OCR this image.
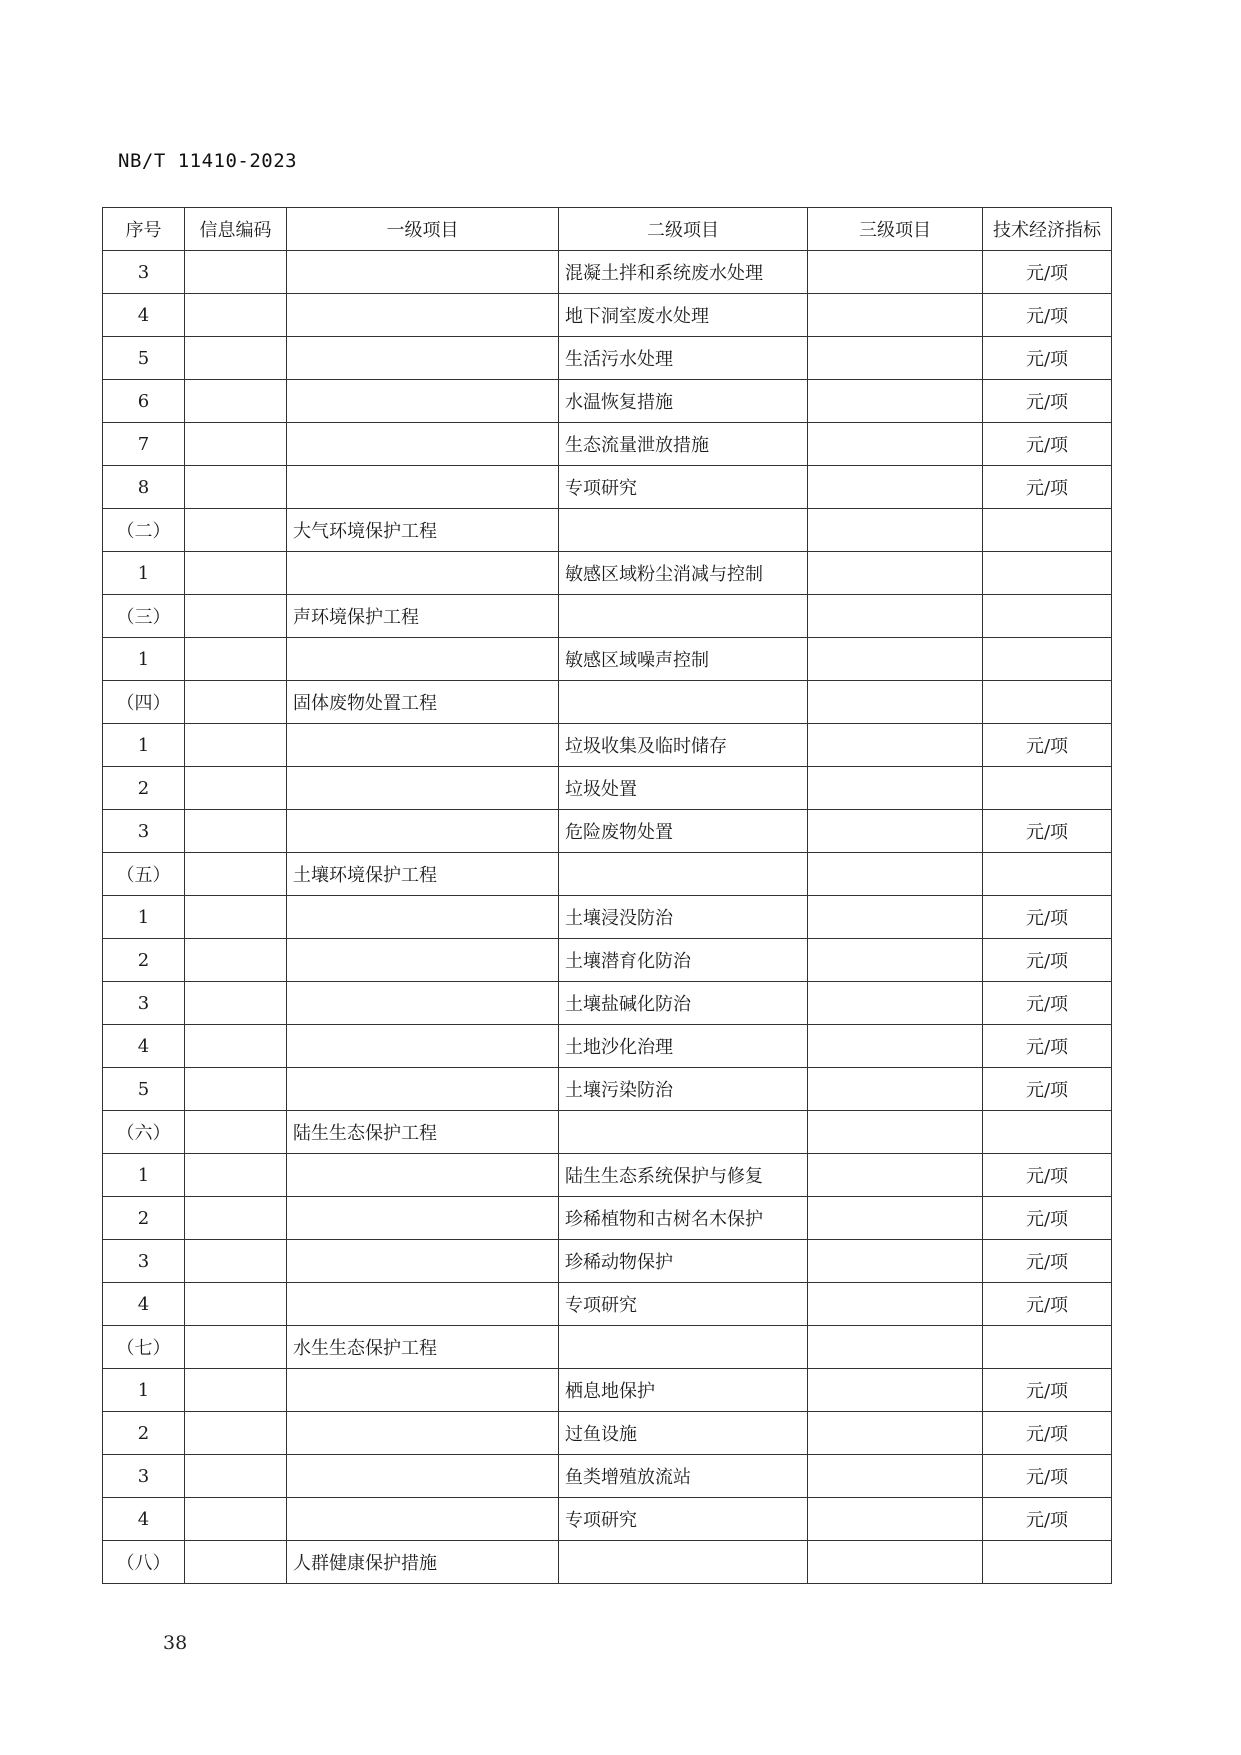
NB/T 11410-2023
序号	信息编码	一级项目	二级项目	三级项目	技术经济指标
3			混凝土拌和系统废水处理		元/项
4			地下洞室废水处理		元/项
5			生活污水处理		元/项
6			水温恢复措施		元/项
7			生态流量泄放措施		元/项
8			专项研究		元/项
（二）		大气环境保护工程			
1			敏感区域粉尘消减与控制		
（三）		声环境保护工程			
1			敏感区域噪声控制		
（四）		固体废物处置工程			
1			垃圾收集及临时储存		元/项
2			垃圾处置		
3			危险废物处置		元/项
（五）		土壤环境保护工程			
1			土壤浸没防治		元/项
2			土壤潜育化防治		元/项
3			土壤盐碱化防治		元/项
4			土地沙化治理		元/项
5			土壤污染防治		元/项
（六）		陆生生态保护工程			
1			陆生生态系统保护与修复		元/项
2			珍稀植物和古树名木保护		元/项
3			珍稀动物保护		元/项
4			专项研究		元/项
（七）		水生生态保护工程			
1			栖息地保护		元/项
2			过鱼设施		元/项
3			鱼类增殖放流站		元/项
4			专项研究		元/项
（八）		人群健康保护措施			
38
